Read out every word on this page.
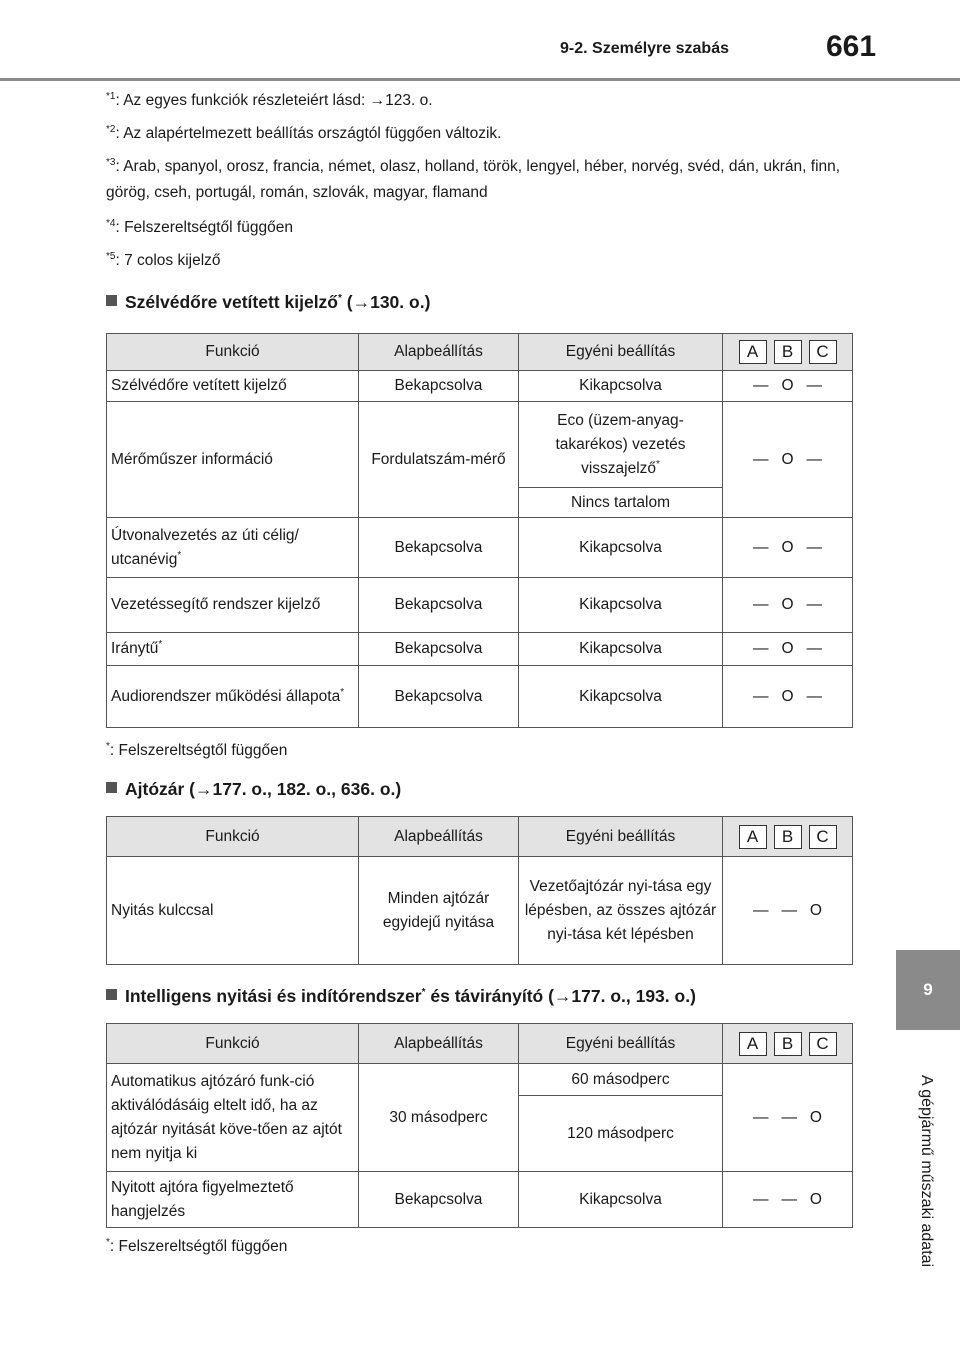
9-2. Személyre szabás	661
9
A gépjármű műszaki adatai
$^{*1}$: Az egyes funkciók részleteiért lásd: →123. o.
$^{*2}$: Az alapértelmezett beállítás országtól függően változik.
$^{*3}$: Arab, spanyol, orosz, francia, német, olasz, holland, török, lengyel, héber, norvég, svéd, dán, ukrán, finn, görög, cseh, portugál, román, szlovák, magyar, flamand
$^{*4}$: Felszereltségtől függően
$^{*5}$: 7 colos kijelző
Szélvédőre vetített kijelző* (→130. o.)
Funkció	Alapbeállítás	Egyéni beállítás	A B C

Szélvédőre vetített kijelző	Bekapcsolva	Kikapcsolva	— O —
Mérőműszer információ	Fordulatszám-mérő	Eco (üzem-anyag-takarékos) vezetés visszajelző*	— O —
		Nincs tartalom	
Útvonalvezetés az úti célig/ utcanévig*	Bekapcsolva	Kikapcsolva	— O —
Vezetéssegítő rendszer kijelző	Bekapcsolva	Kikapcsolva	— O —
Iránytű*	Bekapcsolva	Kikapcsolva	— O —
Audiorendszer működési állapota*	Bekapcsolva	Kikapcsolva	— O —
*: Felszereltségtől függően
Ajtózár (→177. o., 182. o., 636. o.)
Funkció	Alapbeállítás	Egyéni beállítás	A B C

Nyitás kulccsal	Minden ajtózár egyidejű nyitása	Vezetőajtózár nyi-tása egy lépésben, az összes ajtózár nyi-tása két lépésben	— — O
Intelligens nyitási és indítórendszer* és távirányító (→177. o., 193. o.)
Funkció	Alapbeállítás	Egyéni beállítás	A B C

Automatikus ajtózáró funk-ció aktiválódásáig eltelt idő, ha az ajtózár nyitását köve-tően az ajtót nem nyitja ki	30 másodperc	60 másodperc	— — O
		120 másodperc	
Nyitott ajtóra figyelmeztető hangjelzés	Bekapcsolva	Kikapcsolva	— — O
*: Felszereltségtől függően
